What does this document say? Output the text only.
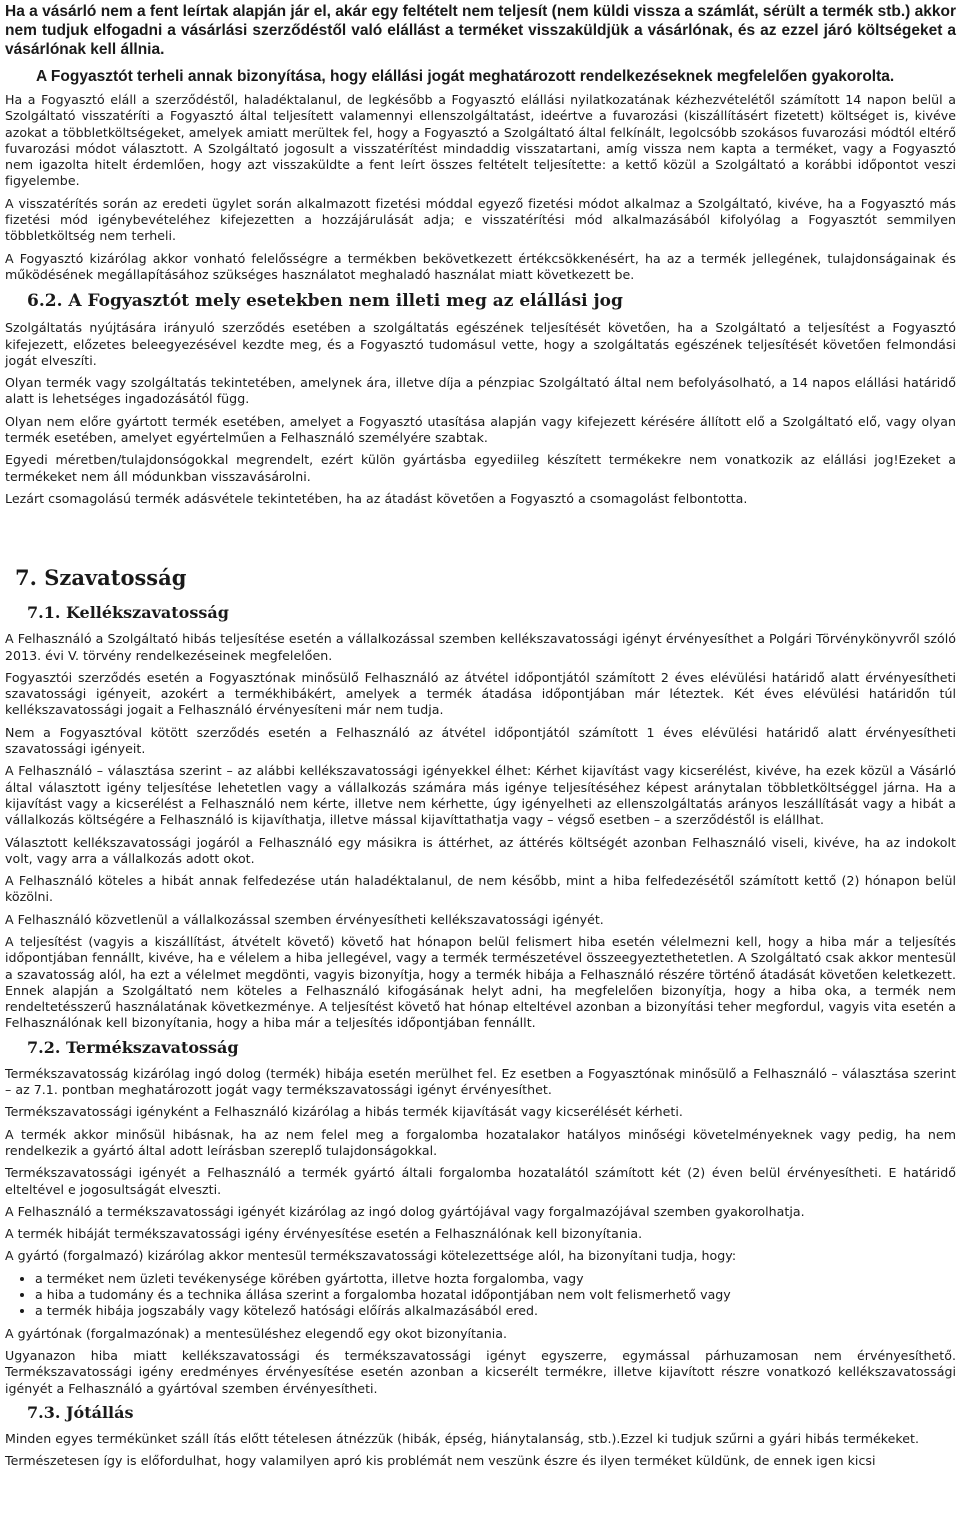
Ha a vásárló nem a fent leírtak alapján jár el, akár egy feltételt nem teljesít (nem küldi vissza a számlát, sérült a termék stb.) akkor nem tudjuk elfogadni a vásárlási szerződéstől való elállást a terméket visszaküldjük a vásárlónak, és az ezzel járó költségeket a vásárlónak kell állnia.

A Fogyasztót terheli annak bizonyítása, hogy elállási jogát meghatározott rendelkezéseknek megfelelően gyakorolta.

Ha a Fogyasztó eláll a szerződéstől, haladéktalanul, de legkésőbb a Fogyasztó elállási nyilatkozatának kézhezvételétől számított 14 napon belül a Szolgáltató visszatéríti a Fogyasztó által teljesített valamennyi ellenszolgáltatást, ideértve a fuvarozási (kiszállításért fizetett) költséget is, kivéve azokat a többletköltségeket, amelyek amiatt merültek fel, hogy a Fogyasztó a Szolgáltató által felkínált, legolcsóbb szokásos fuvarozási módtól eltérő fuvarozási módot választott. A Szolgáltató jogosult a visszatérítést mindaddig visszatartani, amíg vissza nem kapta a terméket, vagy a Fogyasztó nem igazolta hitelt érdemlően, hogy azt visszaküldte a fent leírt összes feltételt teljesítette: a kettő közül a Szolgáltató a korábbi időpontot veszi figyelembe.

A visszatérítés során az eredeti ügylet során alkalmazott fizetési móddal egyező fizetési módot alkalmaz a Szolgáltató, kivéve, ha a Fogyasztó más fizetési mód igénybevételéhez kifejezetten a hozzájárulását adja; e visszatérítési mód alkalmazásából kifolyólag a Fogyasztót semmilyen többletköltség nem terheli.

A Fogyasztó kizárólag akkor vonható felelősségre a termékben bekövetkezett értékcsökkenésért, ha az a termék jellegének, tulajdonságainak és működésének megállapításához szükséges használatot meghaladó használat miatt következett be.

6.2. A Fogyasztót mely esetekben nem illeti meg az elállási jog

Szolgáltatás nyújtására irányuló szerződés esetében a szolgáltatás egészének teljesítését követően, ha a Szolgáltató a teljesítést a Fogyasztó kifejezett, előzetes beleegyezésével kezdte meg, és a Fogyasztó tudomásul vette, hogy a szolgáltatás egészének teljesítését követően felmondási jogát elveszíti.

Olyan termék vagy szolgáltatás tekintetében, amelynek ára, illetve díja a pénzpiac Szolgáltató által nem befolyásolható, a 14 napos elállási határidő alatt is lehetséges ingadozásától függ.

Olyan nem előre gyártott termék esetében, amelyet a Fogyasztó utasítása alapján vagy kifejezett kérésére állított elő a Szolgáltató elő, vagy olyan termék esetében, amelyet egyértelműen a Felhasználó személyére szabtak.

Egyedi méretben/tulajdonsógokkal megrendelt, ezért külön gyártásba egyediileg készített termékekre nem vonatkozik az elállási jog!Ezeket a termékeket nem áll módunkban visszavásárolni.

Lezárt csomagolású termék adásvétele tekintetében, ha az átadást követően a Fogyasztó a csomagolást felbontotta.

7. Szavatosság
7.1. Kellékszavatosság

A Felhasználó a Szolgáltató hibás teljesítése esetén a vállalkozással szemben kellékszavatossági igényt érvényesíthet a Polgári Törvénykönyvről szóló 2013. évi V. törvény rendelkezéseinek megfelelően.

Fogyasztói szerződés esetén a Fogyasztónak minősülő Felhasználó az átvétel időpontjától számított 2 éves elévülési határidő alatt érvényesítheti szavatossági igényeit, azokért a termékhibákért, amelyek a termék átadása időpontjában már léteztek. Két éves elévülési határidőn túl kellékszavatossági jogait a Felhasználó érvényesíteni már nem tudja.

Nem a Fogyasztóval kötött szerződés esetén a Felhasználó az átvétel időpontjától számított 1 éves elévülési határidő alatt érvényesítheti szavatossági igényeit.

A Felhasználó – választása szerint – az alábbi kellékszavatossági igényekkel élhet: Kérhet kijavítást vagy kicserélést, kivéve, ha ezek közül a Vásárló által választott igény teljesítése lehetetlen vagy a vállalkozás számára más igénye teljesítéséhez képest aránytalan többletköltséggel járna. Ha a kijavítást vagy a kicserélést a Felhasználó nem kérte, illetve nem kérhette, úgy igényelheti az ellenszolgáltatás arányos leszállítását vagy a hibát a vállalkozás költségére a Felhasználó is kijavíthatja, illetve mással kijavíttathatja vagy – végső esetben – a szerződéstől is elállhat.

Választott kellékszavatossági jogáról a Felhasználó egy másikra is áttérhet, az áttérés költségét azonban Felhasználó viseli, kivéve, ha az indokolt volt, vagy arra a vállalkozás adott okot.

A Felhasználó köteles a hibát annak felfedezése után haladéktalanul, de nem később, mint a hiba felfedezésétől számított kettő (2) hónapon belül közölni.

A Felhasználó közvetlenül a vállalkozással szemben érvényesítheti kellékszavatossági igényét.

A teljesítést (vagyis a kiszállítást, átvételt követő) követő hat hónapon belül felismert hiba esetén vélelmezni kell, hogy a hiba már a teljesítés időpontjában fennállt, kivéve, ha e vélelem a hiba jellegével, vagy a termék természetével összeegyeztethetetlen. A Szolgáltató csak akkor mentesül a szavatosság alól, ha ezt a vélelmet megdönti, vagyis bizonyítja, hogy a termék hibája a Felhasználó részére történő átadását követően keletkezett. Ennek alapján a Szolgáltató nem köteles a Felhasználó kifogásának helyt adni, ha megfelelően bizonyítja, hogy a hiba oka, a termék nem rendeltetésszerű használatának következménye. A teljesítést követő hat hónap elteltével azonban a bizonyítási teher megfordul, vagyis vita esetén a Felhasználónak kell bizonyítania, hogy a hiba már a teljesítés időpontjában fennállt.

7.2. Termékszavatosság

Termékszavatosság kizárólag ingó dolog (termék) hibája esetén merülhet fel. Ez esetben a Fogyasztónak minősülő a Felhasználó – választása szerint – az 7.1. pontban meghatározott jogát vagy termékszavatossági igényt érvényesíthet.

Termékszavatossági igényként a Felhasználó kizárólag a hibás termék kijavítását vagy kicserélését kérheti.

A termék akkor minősül hibásnak, ha az nem felel meg a forgalomba hozatalakor hatályos minőségi követelményeknek vagy pedig, ha nem rendelkezik a gyártó által adott leírásban szereplő tulajdonságokkal.

Termékszavatossági igényét a Felhasználó a termék gyártó általi forgalomba hozatalától számított két (2) éven belül érvényesítheti. E határidő elteltével e jogosultságát elveszti.

A Felhasználó a termékszavatossági igényét kizárólag az ingó dolog gyártójával vagy forgalmazójával szemben gyakorolhatja.

A termék hibáját termékszavatossági igény érvényesítése esetén a Felhasználónak kell bizonyítania.

A gyártó (forgalmazó) kizárólag akkor mentesül termékszavatossági kötelezettsége alól, ha bizonyítani tudja, hogy:

• a terméket nem üzleti tevékenysége körében gyártotta, illetve hozta forgalomba, vagy
• a hiba a tudomány és a technika állása szerint a forgalomba hozatal időpontjában nem volt felismerhető vagy
• a termék hibája jogszabály vagy kötelező hatósági előírás alkalmazásából ered.

A gyártónak (forgalmazónak) a mentesüléshez elegendő egy okot bizonyítania.

Ugyanazon hiba miatt kellékszavatossági és termékszavatossági igényt egyszerre, egymással párhuzamosan nem érvényesíthető. Termékszavatossági igény eredményes érvényesítése esetén azonban a kicserélt termékre, illetve kijavított részre vonatkozó kellékszavatossági igényét a Felhasználó a gyártóval szemben érvényesítheti.

7.3. Jótállás

Minden egyes termékünket száll ítás előtt tételesen átnézzük (hibák, épség, hiánytalanság, stb.).Ezzel ki tudjuk szűrni a gyári hibás termékeket.

Természetesen így is előfordulhat, hogy valamilyen apró kis problémát nem veszünk észre és ilyen terméket küldünk, de ennek igen kicsi
